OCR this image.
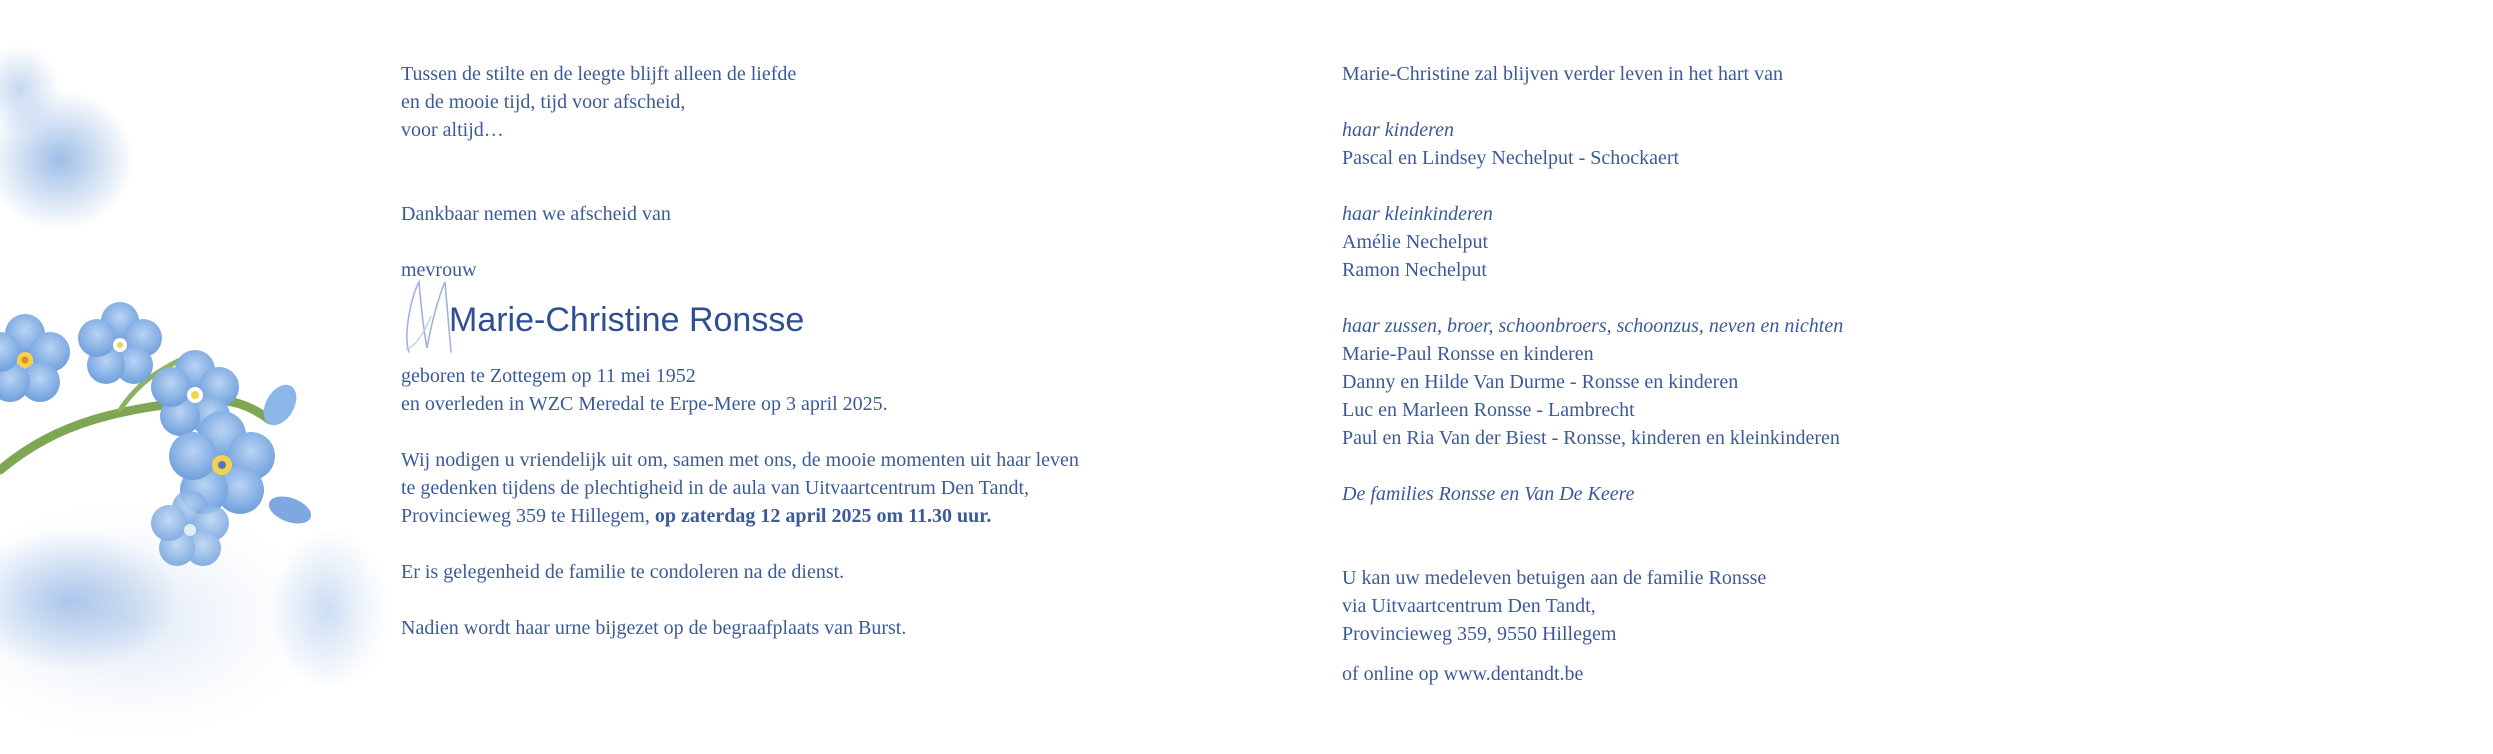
Tussen de stilte en de leegte blijft alleen de liefde
en de mooie tijd, tijd voor afscheid,
voor altijd…
Dankbaar nemen we afscheid van
mevrouw
Marie-Christine Ronsse
geboren te Zottegem op 11 mei 1952
en overleden in WZC Meredal te Erpe-Mere op 3 april 2025.
Wij nodigen u vriendelijk uit om, samen met ons, de mooie momenten uit haar leven
te gedenken tijdens de plechtigheid in de aula van Uitvaartcentrum Den Tandt,
Provincieweg 359 te Hillegem, op zaterdag 12 april 2025 om 11.30 uur.
Er is gelegenheid de familie te condoleren na de dienst.
Nadien wordt haar urne bijgezet op de begraafplaats van Burst.
Marie-Christine zal blijven verder leven in het hart van
haar kinderen
Pascal en Lindsey Nechelput - Schockaert
haar kleinkinderen
Amélie Nechelput
Ramon Nechelput
haar zussen, broer, schoonbroers, schoonzus, neven en nichten
Marie-Paul Ronsse en kinderen
Danny en Hilde Van Durme - Ronsse en kinderen
Luc en Marleen Ronsse - Lambrecht
Paul en Ria Van der Biest - Ronsse, kinderen en kleinkinderen
De families Ronsse en Van De Keere
U kan uw medeleven betuigen aan de familie Ronsse
via Uitvaartcentrum Den Tandt,
Provincieweg 359, 9550 Hillegem
of online op www.dentandt.be
